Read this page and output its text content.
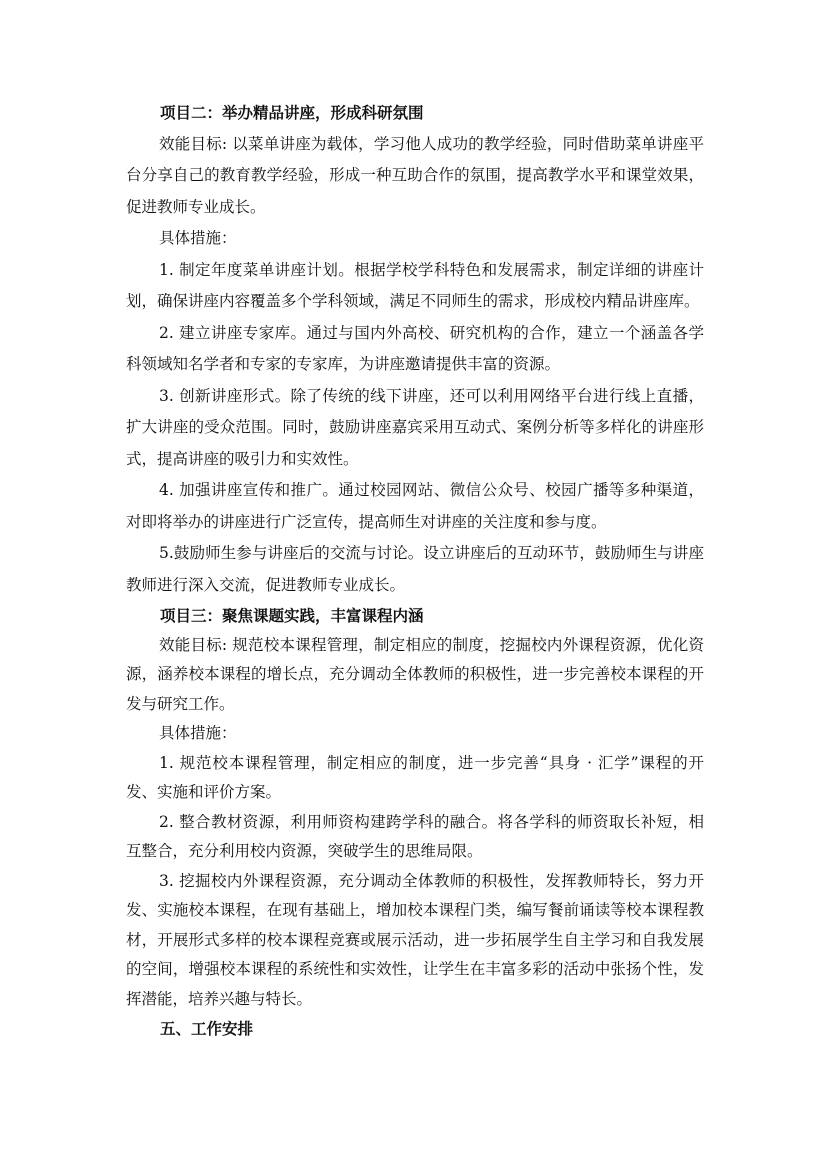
项目二：举办精品讲座，形成科研氛围

效能目标: 以菜单讲座为载体，学习他人成功的教学经验，同时借助菜单讲座平台分享自己的教育教学经验，形成一种互助合作的氛围，提高教学水平和课堂效果，促进教师专业成长。

具体措施：

1. 制定年度菜单讲座计划。根据学校学科特色和发展需求，制定详细的讲座计划，确保讲座内容覆盖多个学科领域，满足不同师生的需求，形成校内精品讲座库。

2. 建立讲座专家库。通过与国内外高校、研究机构的合作，建立一个涵盖各学科领域知名学者和专家的专家库，为讲座邀请提供丰富的资源。

3. 创新讲座形式。除了传统的线下讲座，还可以利用网络平台进行线上直播，扩大讲座的受众范围。同时，鼓励讲座嘉宾采用互动式、案例分析等多样化的讲座形式，提高讲座的吸引力和实效性。

4. 加强讲座宣传和推广。通过校园网站、微信公众号、校园广播等多种渠道，对即将举办的讲座进行广泛宣传，提高师生对讲座的关注度和参与度。

5.鼓励师生参与讲座后的交流与讨论。设立讲座后的互动环节，鼓励师生与讲座教师进行深入交流，促进教师专业成长。

项目三：聚焦课题实践，丰富课程内涵

效能目标: 规范校本课程管理，制定相应的制度，挖掘校内外课程资源，优化资源，涵养校本课程的增长点，充分调动全体教师的积极性，进一步完善校本课程的开发与研究工作。

具体措施：

1. 规范校本课程管理，制定相应的制度，进一步完善“具身 · 汇学”课程的开发、实施和评价方案。

2. 整合教材资源，利用师资构建跨学科的融合。将各学科的师资取长补短，相互整合，充分利用校内资源，突破学生的思维局限。

3. 挖掘校内外课程资源，充分调动全体教师的积极性，发挥教师特长，努力开发、实施校本课程，在现有基础上，增加校本课程门类，编写餐前诵读等校本课程教材，开展形式多样的校本课程竞赛或展示活动，进一步拓展学生自主学习和自我发展的空间，增强校本课程的系统性和实效性，让学生在丰富多彩的活动中张扬个性，发挥潜能，培养兴趣与特长。

五、工作安排
